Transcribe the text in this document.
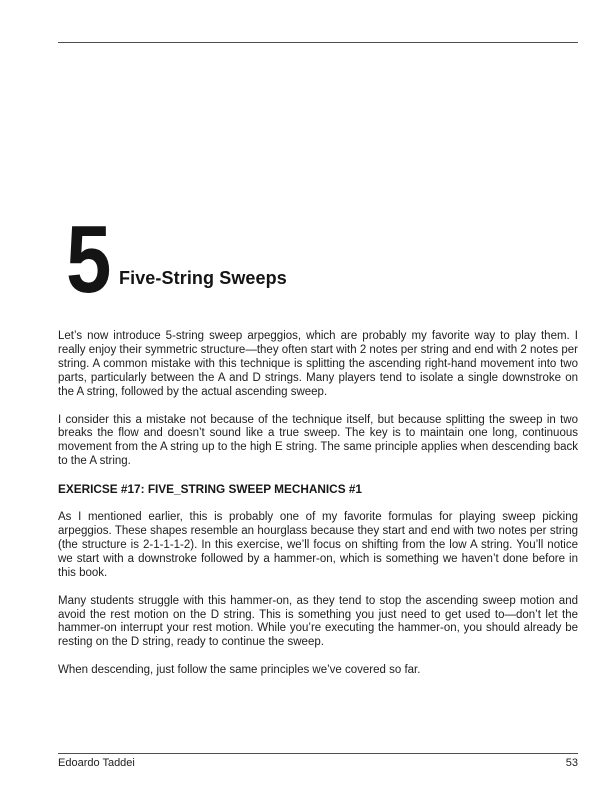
5 Five-String Sweeps

Let’s now introduce 5-string sweep arpeggios, which are probably my favorite way to play them. I really enjoy their symmetric structure—they often start with 2 notes per string and end with 2 notes per string. A common mistake with this technique is splitting the ascending right-hand movement into two parts, particularly between the A and D strings. Many players tend to isolate a single downstroke on the A string, followed by the actual ascending sweep.

I consider this a mistake not because of the technique itself, but because splitting the sweep in two breaks the flow and doesn’t sound like a true sweep. The key is to maintain one long, continuous movement from the A string up to the high E string. The same principle applies when descending back to the A string.

EXERICSE #17: FIVE_STRING SWEEP MECHANICS #1

As I mentioned earlier, this is probably one of my favorite formulas for playing sweep picking arpeggios. These shapes resemble an hourglass because they start and end with two notes per string (the structure is 2-1-1-1-2). In this exercise, we’ll focus on shifting from the low A string. You’ll notice we start with a downstroke followed by a hammer-on, which is something we haven’t done before in this book.

Many students struggle with this hammer-on, as they tend to stop the ascending sweep motion and avoid the rest motion on the D string. This is something you just need to get used to—don’t let the hammer-on interrupt your rest motion. While you’re executing the hammer-on, you should already be resting on the D string, ready to continue the sweep.

When descending, just follow the same principles we’ve covered so far.

Edoardo Taddei	53
